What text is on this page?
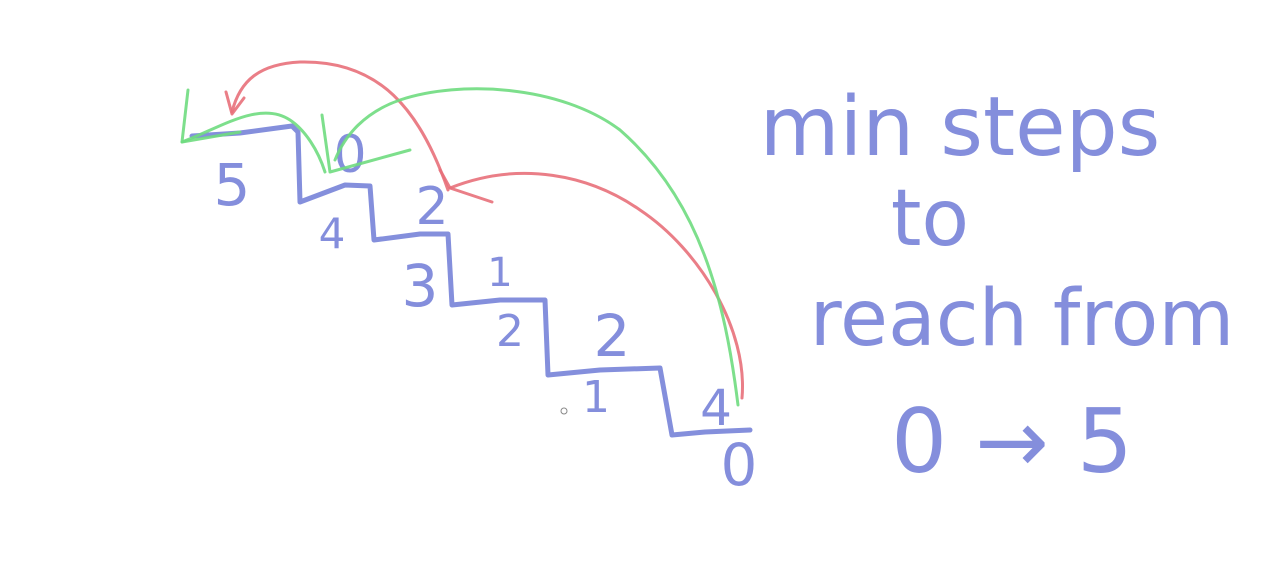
5
4
3
2
1
0
0
2
1
2
4
min steps
to
reach from
0 → 5
